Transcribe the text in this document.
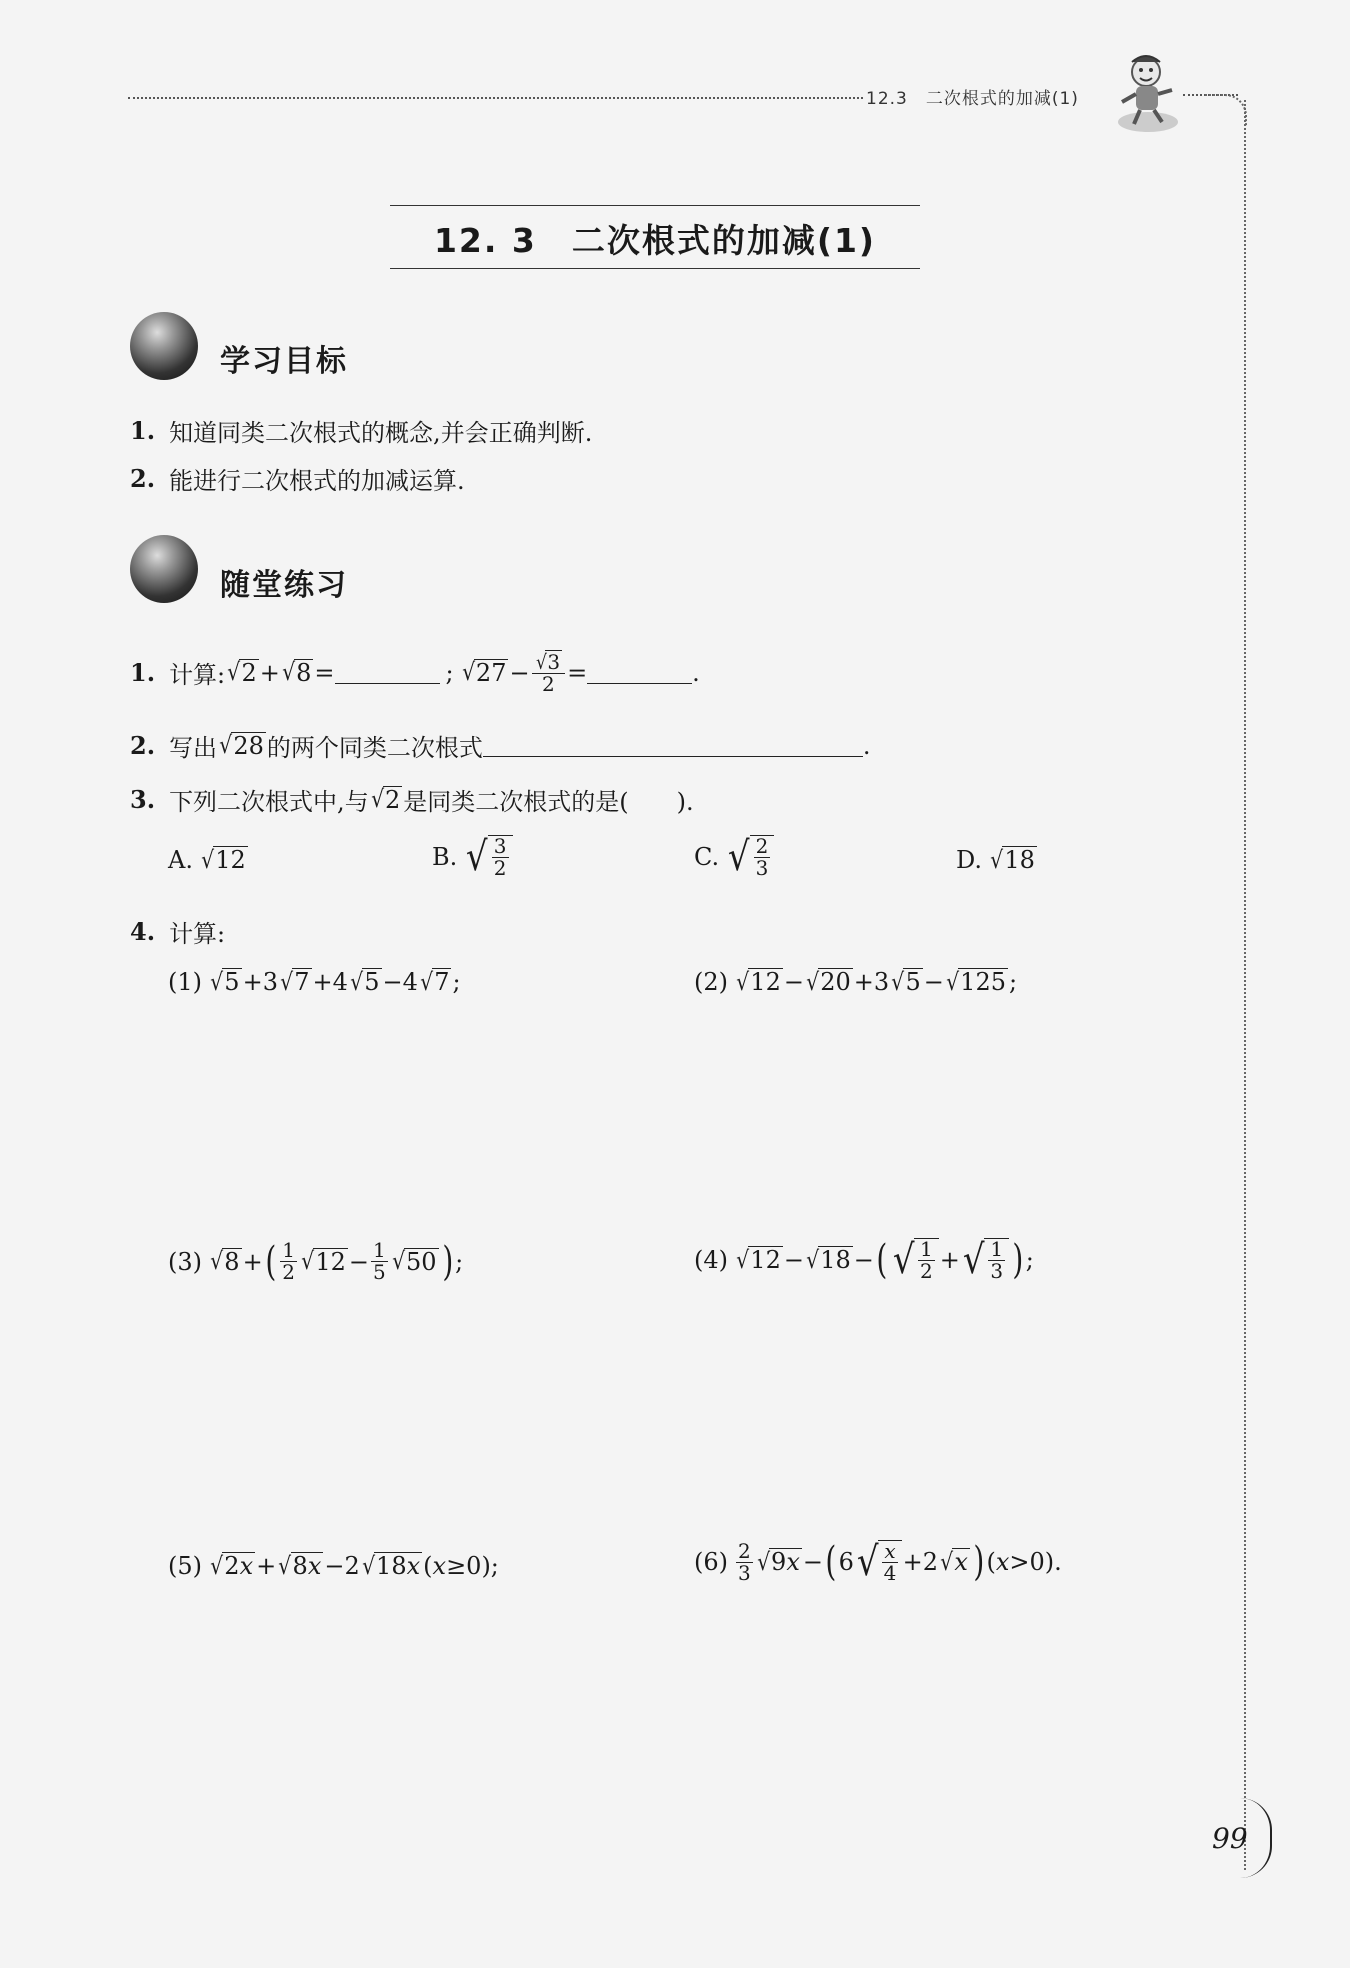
12.3　二次根式的加减(1)
99
12. 3　二次根式的加减(1)
学习目标
1. 知道同类二次根式的概念,并会正确判断.
2. 能进行二次根式的加减运算.
随堂练习
1. 计算: √ 2 + √ 8 =	; √ $27 - \frac{√ 3}{2}$ =	.
2. 写出 √ 28 的两个同类二次根式	.
3. 下列二次根式中,与 √ 2 是同类二次根式的是(　　).
A. √ 12	B. √ $\frac{3}{2}$	C. √ $\frac{2}{3}$	D. √ 18
4. 计算:
(1) √ 5 +3 √ 7 +4 √ 5 −4 √ 7 ;	(2) √ 12 − √ 20 +3 √ 5 − √ 125 ;
(3) √ 8 + ( $\frac{1}{2}$ √ $12 - \frac{1}{5}$ √ 50 ) ;	(4) √ 12 − √ 18 − ( √ $\frac{1}{2}$ + √ $\frac{1}{3}$ ) ;
(5) √ 2 x + √ 8 x −2 √ 18 x ( x ≥0);	$(6) \frac{2}{3}$ √ 9 x − ( 6 √ $\frac{x}{4} +2$ √ x ) ( x >0).
